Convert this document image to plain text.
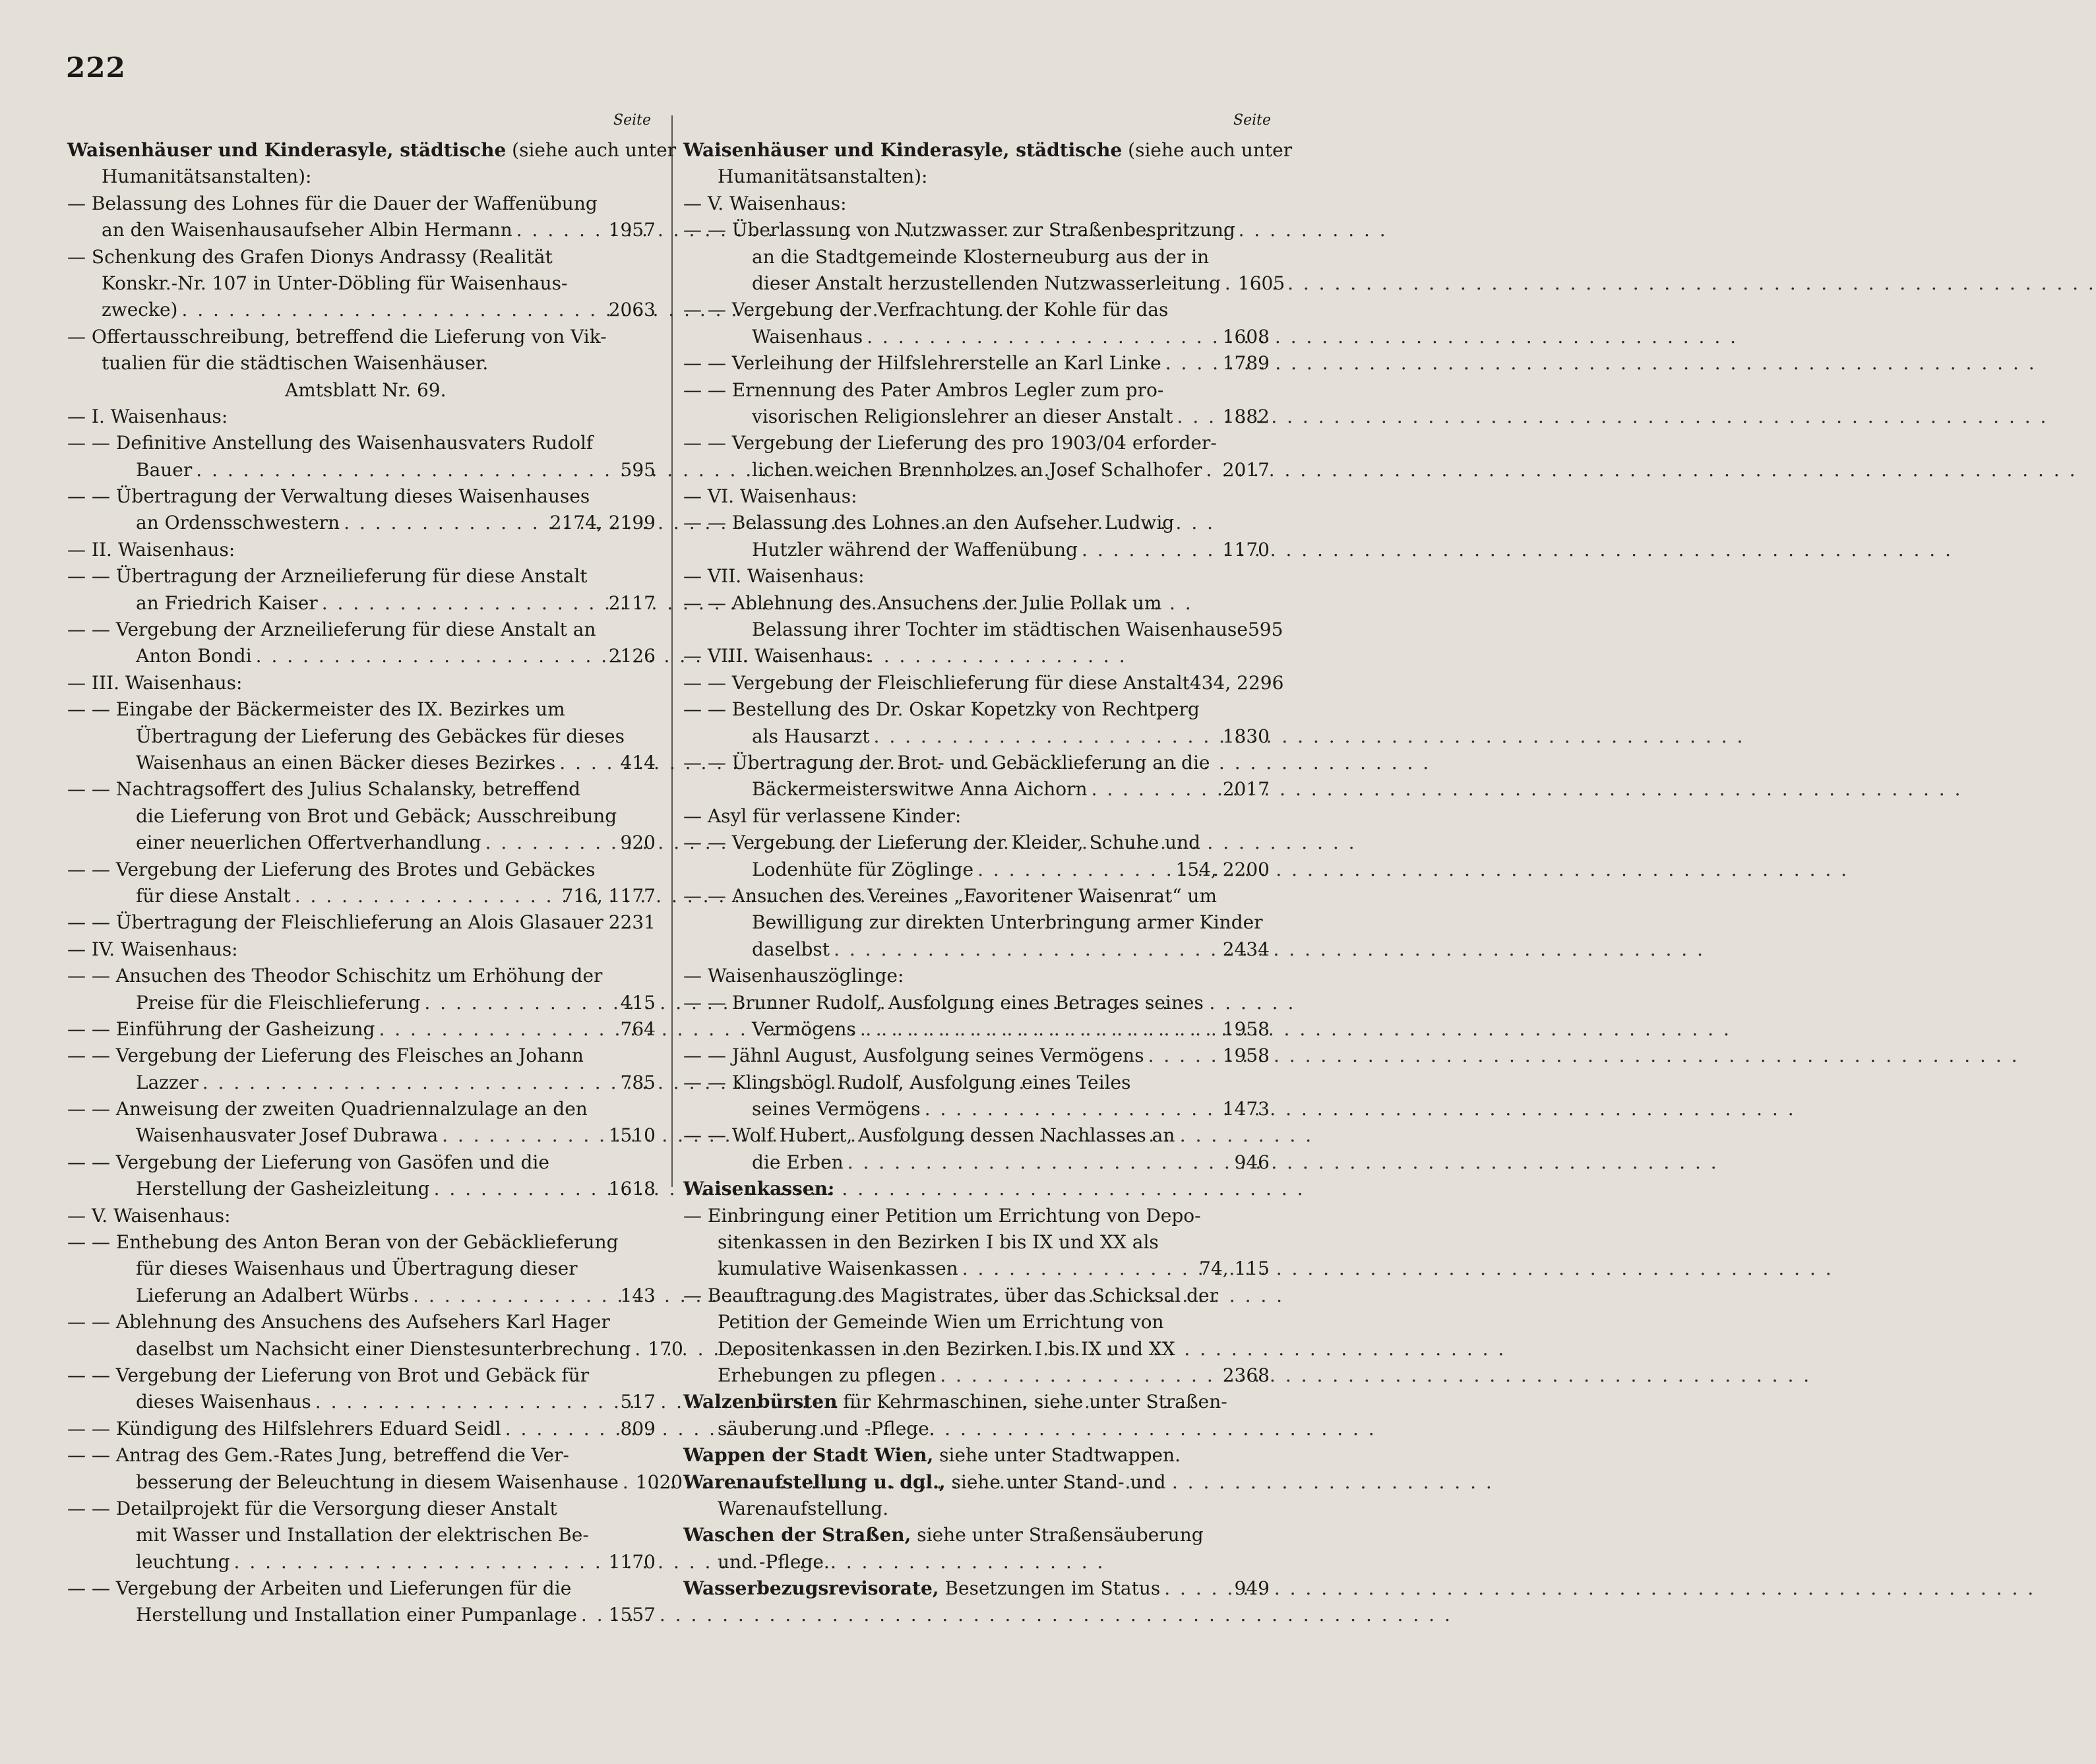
222
Seite	Seite
Waisenhäuser und Kinderasyle, städtische (siehe auch unter
Humanitätsanstalten):
— Belassung des Lohnes für die Dauer der Waffenübung
an den Waisenhausaufseher Albin Hermann . . .	1957
— Schenkung des Grafen Dionys Andrassy (Realität
Konskr.-Nr. 107 in Unter-Döbling für Waisenhaus-
zwecke) . . .	2063
— Offertausschreibung, betreffend die Lieferung von Vik-
tualien für die städtischen Waisenhäuser.
Amtsblatt Nr. 69.
— I. Waisenhaus:
— — Definitive Anstellung des Waisenhausvaters Rudolf
Bauer . . .	595
— — Übertragung der Verwaltung dieses Waisenhauses
an Ordensschwestern . . .	2174, 2199
— II. Waisenhaus:
— — Übertragung der Arzneilieferung für diese Anstalt
an Friedrich Kaiser . . .	2117
— — Vergebung der Arzneilieferung für diese Anstalt an
Anton Bondi . . .	2126
— III. Waisenhaus:
— — Eingabe der Bäckermeister des IX. Bezirkes um
Übertragung der Lieferung des Gebäckes für dieses
Waisenhaus an einen Bäcker dieses Bezirkes . . .	414
— — Nachtragsoffert des Julius Schalansky, betreffend
die Lieferung von Brot und Gebäck; Ausschreibung
einer neuerlichen Offertverhandlung . . .	920
— — Vergebung der Lieferung des Brotes und Gebäckes
für diese Anstalt . . .	716, 1177
— — Übertragung der Fleischlieferung an Alois Glasauer 2231
— IV. Waisenhaus:
— — Ansuchen des Theodor Schischitz um Erhöhung der
Preise für die Fleischlieferung . . .	415
— — Einführung der Gasheizung . . .	764
— — Vergebung der Lieferung des Fleisches an Johann
Lazzer . . .	785
— — Anweisung der zweiten Quadriennalzulage an den
Waisenhausvater Josef Dubrawa . . .	1510
— — Vergebung der Lieferung von Gasöfen und die
Herstellung der Gasheizleitung . . .	1618
— V. Waisenhaus:
— — Enthebung des Anton Beran von der Gebäcklieferung
für dieses Waisenhaus und Übertragung dieser
Lieferung an Adalbert Würbs . . .	143
— — Ablehnung des Ansuchens des Aufsehers Karl Hager
daselbst um Nachsicht einer Dienstesunterbrechung . . . 170
— — Vergebung der Lieferung von Brot und Gebäck für
dieses Waisenhaus . . .	517
— — Kündigung des Hilfslehrers Eduard Seidl . . .	809
— — Antrag des Gem.-Rates Jung, betreffend die Ver-
besserung der Beleuchtung in diesem Waisenhause . . . 1020
— — Detailprojekt für die Versorgung dieser Anstalt
mit Wasser und Installation der elektrischen Be-
leuchtung . . .	1170
— — Vergebung der Arbeiten und Lieferungen für die
Herstellung und Installation einer Pumpanlage . . . 1557
Waisenhäuser und Kinderasyle, städtische (siehe auch unter
Humanitätsanstalten):
— V. Waisenhaus:
— — Überlassung von Nutzwasser zur Straßenbespritzung
an die Stadtgemeinde Klosterneuburg aus der in
dieser Anstalt herzustellenden Nutzwasserleitung . . . 1605
— — Vergebung der Verfrachtung der Kohle für das
Waisenhaus . . .	1608
— — Verleihung der Hilfslehrerstelle an Karl Linke . . .	1789
— — Ernennung des Pater Ambros Legler zum pro-
visorischen Religionslehrer an dieser Anstalt . . .	1882
— — Vergebung der Lieferung des pro 1903/04 erforder-
lichen weichen Brennholzes an Josef Schalhofer . . . 2017
— VI. Waisenhaus:
— — Belassung des Lohnes an den Aufseher Ludwig
Hutzler während der Waffenübung . . .	1170
— VII. Waisenhaus:
— — Ablehnung des Ansuchens der Julie Pollak um
Belassung ihrer Tochter im städtischen Waisenhause 595
— VIII. Waisenhaus:
— — Vergebung der Fleischlieferung für diese Anstalt 434, 2296
— — Bestellung des Dr. Oskar Kopetzky von Rechtperg
als Hausarzt . . .	1830
— — Übertragung der Brot- und Gebäcklieferung an die
Bäckermeisterswitwe Anna Aichorn . . .	2017
— Asyl für verlassene Kinder:
— — Vergebung der Lieferung der Kleider, Schuhe und
Lodenhüte für Zöglinge . . .	154, 2200
— — Ansuchen des Vereines „Favoritener Waisenrat“ um
Bewilligung zur direkten Unterbringung armer Kinder
daselbst . . .	2434
— Waisenhauszöglinge:
— — Brunner Rudolf, Ausfolgung eines Betrages seines
Vermögens . . .	1958
— — Jähnl August, Ausfolgung seines Vermögens . . .	1958
— — Klingsbögl Rudolf, Ausfolgung eines Teiles
seines Vermögens . . .	1473
— — Wolf Hubert, Ausfolgung dessen Nachlasses an
die Erben . . .	946
Waisenkassen:
— Einbringung einer Petition um Errichtung von Depo-
sitenkassen in den Bezirken I bis IX und XX als
kumulative Waisenkassen . . .	74, 115
— Beauftragung des Magistrates, über das Schicksal der
Petition der Gemeinde Wien um Errichtung von
Depositenkassen in den Bezirken I bis IX und XX
Erhebungen zu pflegen . . .	2368
Walzenbürsten für Kehrmaschinen, siehe unter Straßen-
säuberung und -Pflege.
Wappen der Stadt Wien, siehe unter Stadtwappen.
Warenaufstellung u. dgl., siehe unter Stand- und
Warenaufstellung.
Waschen der Straßen, siehe unter Straßensäuberung
und -Pflege.
Wasserbezugsrevisorate, Besetzungen im Status . . .	949
